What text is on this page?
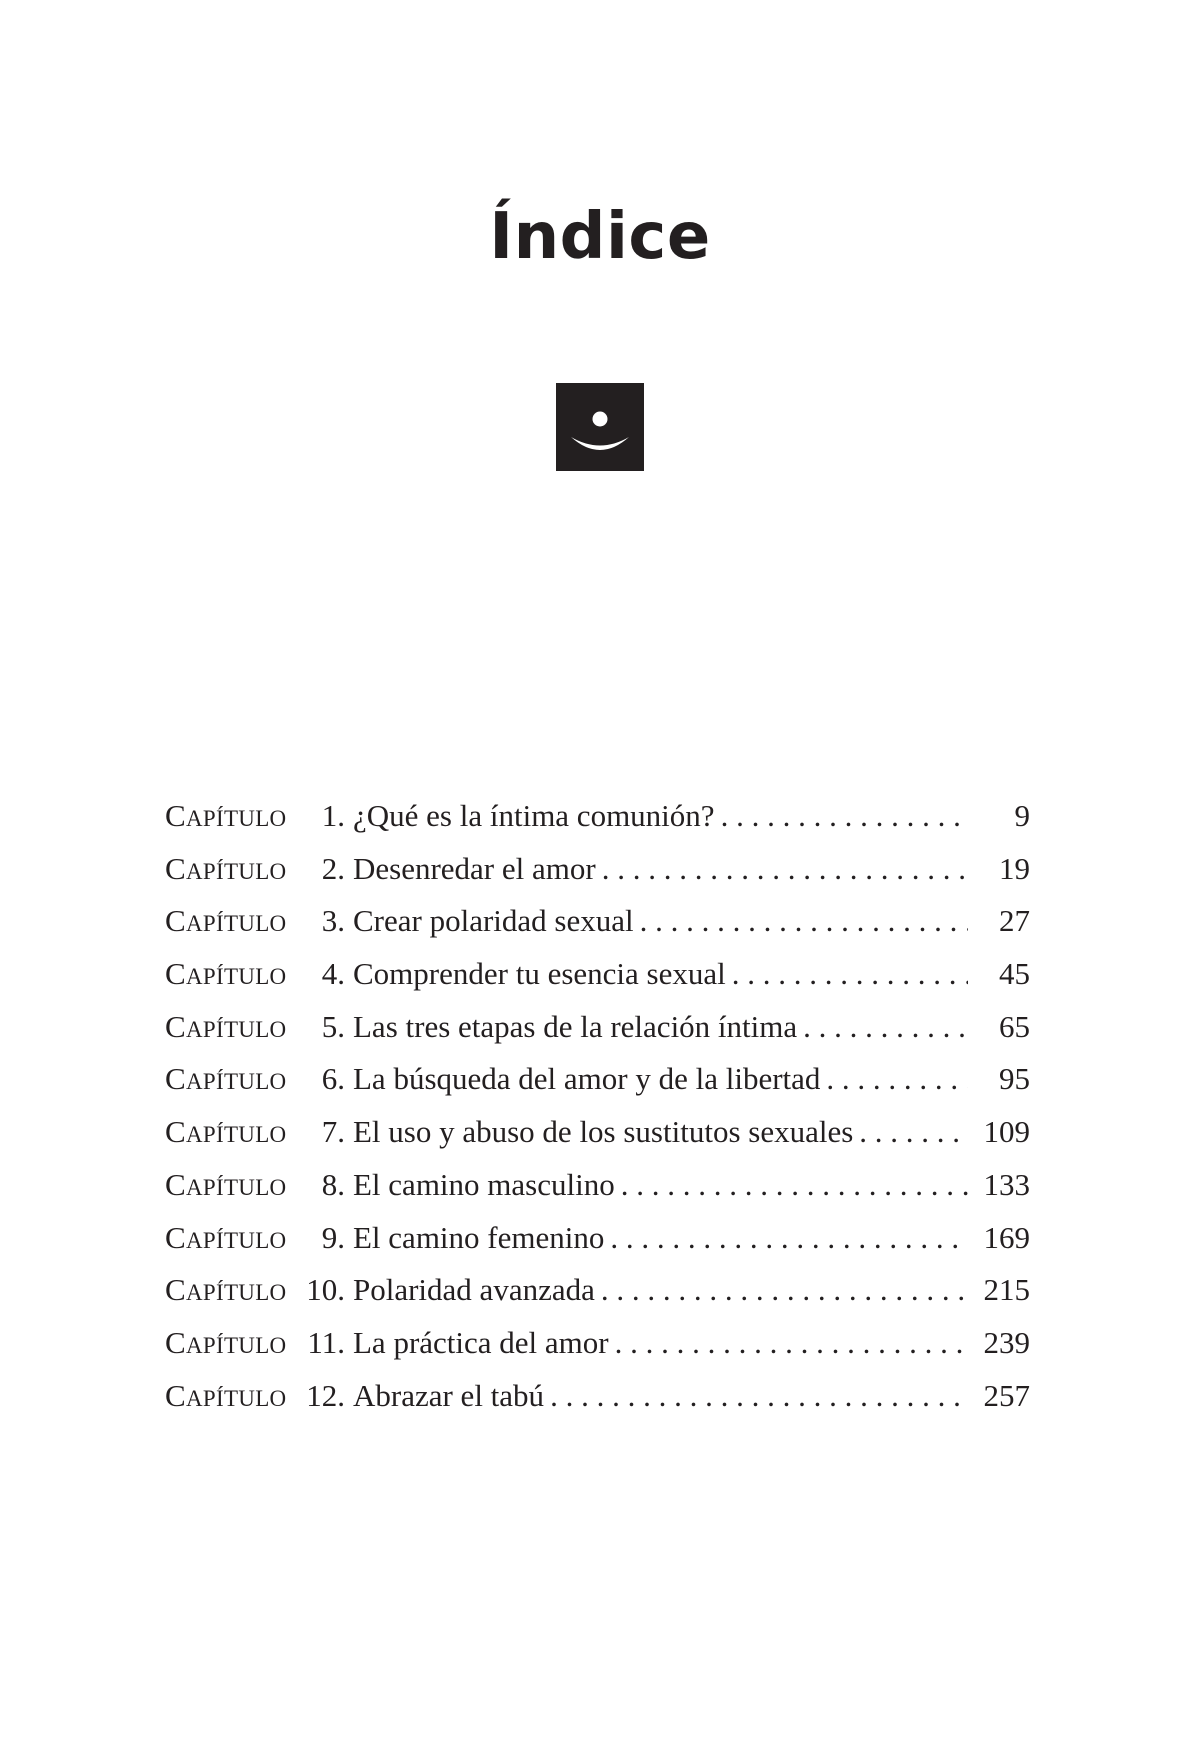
Índice
CAPÍTULO	1. ¿Qué es la íntima comunión? . . .	9
CAPÍTULO	2. Desenredar el amor . . .	19
CAPÍTULO	3. Crear polaridad sexual . . .	27
CAPÍTULO	4. Comprender tu esencia sexual . . .	45
CAPÍTULO	5. Las tres etapas de la relación íntima . . .	65
CAPÍTULO	6. La búsqueda del amor y de la libertad . . .	95
CAPÍTULO	7. El uso y abuso de los sustitutos sexuales . . .	109
CAPÍTULO	8. El camino masculino . . .	133
CAPÍTULO	9. El camino femenino . . .	169
CAPÍTULO 10. Polaridad avanzada . . .	215
CAPÍTULO 11. La práctica del amor . . .	239
CAPÍTULO 12. Abrazar el tabú . . .	257
